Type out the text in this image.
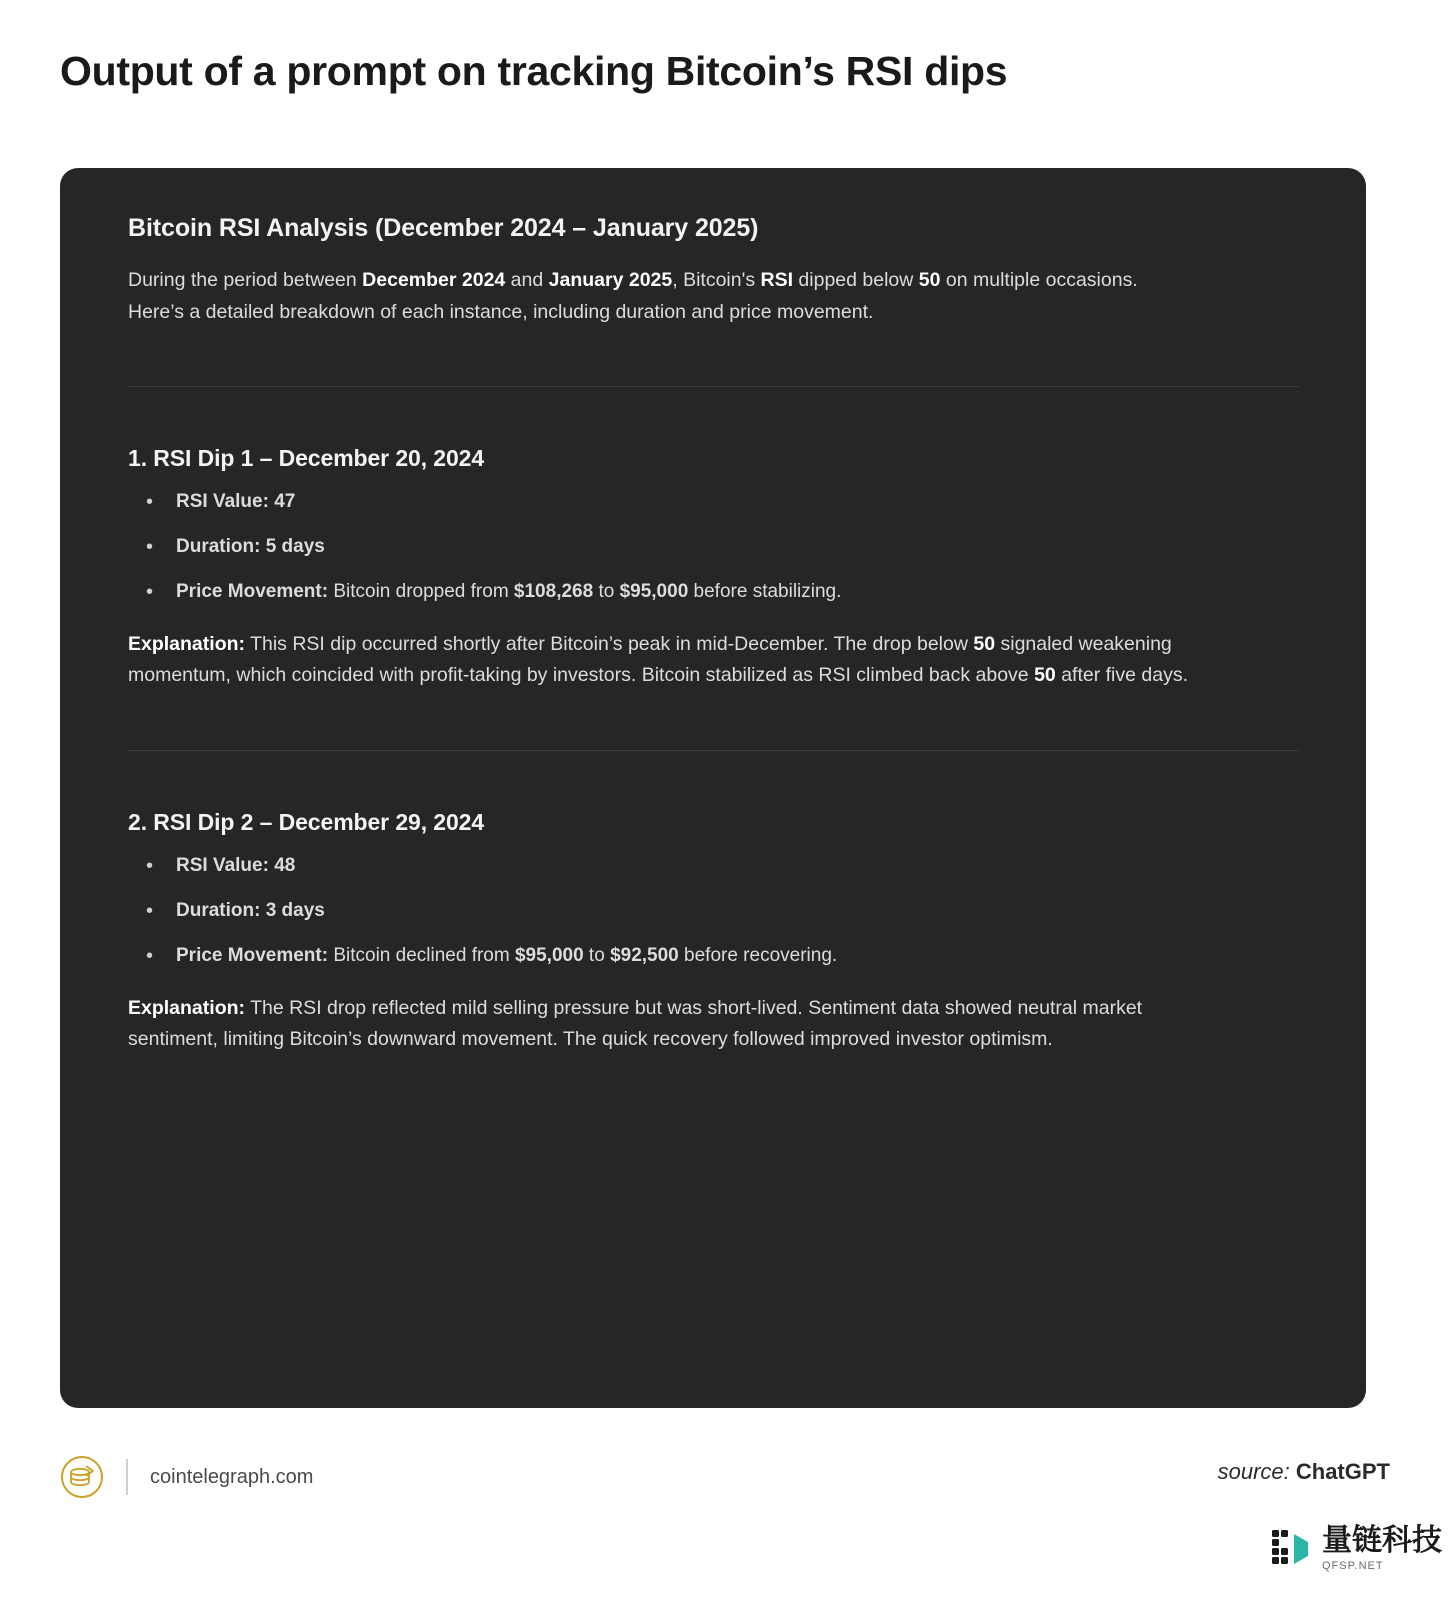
Output of a prompt on tracking Bitcoin’s RSI dips
Bitcoin RSI Analysis (December 2024 – January 2025)

During the period between December 2024 and January 2025, Bitcoin's RSI dipped below 50 on multiple occasions. Here’s a detailed breakdown of each instance, including duration and price movement.

1. RSI Dip 1 – December 20, 2024
• RSI Value: 47
• Duration: 5 days
• Price Movement: Bitcoin dropped from $108,268 to $95,000 before stabilizing.

Explanation: This RSI dip occurred shortly after Bitcoin’s peak in mid-December. The drop below 50 signaled weakening momentum, which coincided with profit-taking by investors. Bitcoin stabilized as RSI climbed back above 50 after five days.

2. RSI Dip 2 – December 29, 2024
• RSI Value: 48
• Duration: 3 days
• Price Movement: Bitcoin declined from $95,000 to $92,500 before recovering.

Explanation: The RSI drop reflected mild selling pressure but was short-lived. Sentiment data showed neutral market sentiment, limiting Bitcoin’s downward movement. The quick recovery followed improved investor optimism.

cointelegraph.com	source: ChatGPT
量链科技
QFSP.NET
